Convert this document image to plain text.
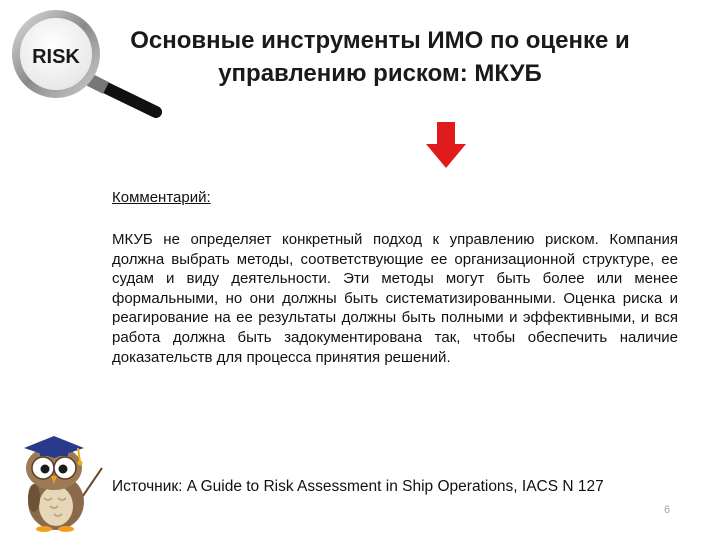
RISK
Основные инструменты ИМО по оценке и
управлению риском: МКУБ
Комментарий:
МКУБ не определяет конкретный подход к управлению риском. Компания должна выбрать методы, соответствующие ее организационной структуре, ее судам и виду деятельности. Эти методы могут быть более или менее формальными, но они должны быть систематизированными. Оценка риска и реагирование на ее результаты должны быть полными и эффективными, и вся работа должна быть задокументирована так, чтобы обеспечить наличие доказательств для процесса принятия решений.
Источник: A Guide to Risk Assessment in Ship Operations, IACS N 127
6
